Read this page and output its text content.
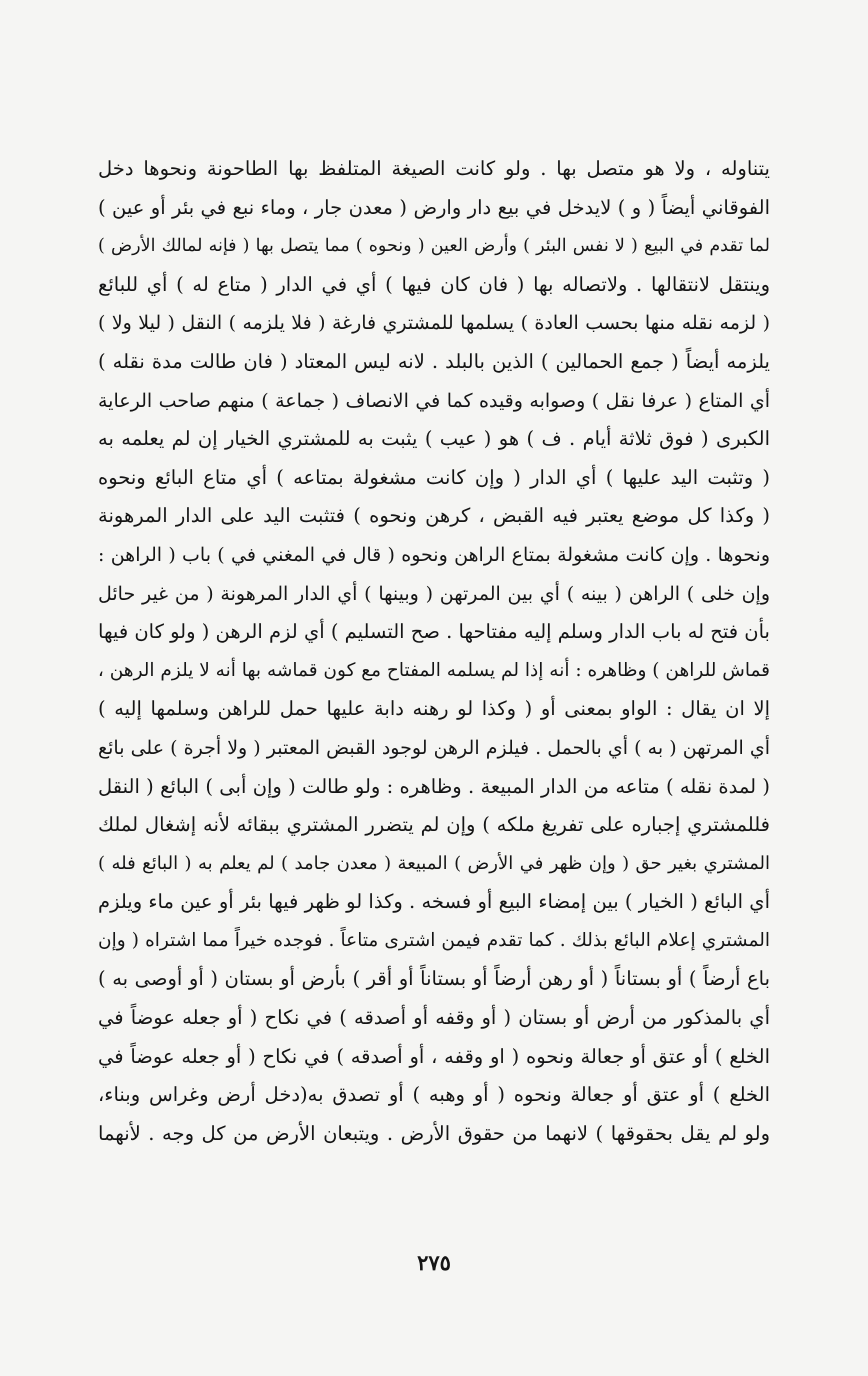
يتناوله ، ولا هو متصل بها . ولو كانت الصيغة المتلفظ بها الطاحونة ونحوها دخل
الفوقاني أيضاً ( و ) لايدخل في بيع دار وارض ( معدن جار ، وماء نبع في بئر أو عين )
لما تقدم في البيع ( لا نفس البئر ) وأرض العين ( ونحوه ) مما يتصل بها ( فإنه لمالك الأرض )
وينتقل لانتقالها . ولاتصاله بها ( فان كان فيها ) أي في الدار ( متاع له ) أي للبائع
( لزمه نقله منها بحسب العادة ) يسلمها للمشتري فارغة ( فلا يلزمه ) النقل ( ليلا ولا )
يلزمه أيضاً ( جمع الحمالين ) الذين بالبلد . لانه ليس المعتاد ( فان طالت مدة نقله )
أي المتاع ( عرفا نقل ) وصوابه وقيده كما في الانصاف ( جماعة ) منهم صاحب الرعاية
الكبرى ( فوق ثلاثة أيام . ف ) هو ( عيب ) يثبت به للمشتري الخيار إن لم يعلمه به
( وتثبت اليد عليها ) أي الدار ( وإن كانت مشغولة بمتاعه ) أي متاع البائع ونحوه
( وكذا كل موضع يعتبر فيه القبض ، كرهن ونحوه ) فتثبت اليد على الدار المرهونة
ونحوها . وإن كانت مشغولة بمتاع الراهن ونحوه ( قال في المغني في ) باب ( الراهن :
وإن خلى ) الراهن ( بينه ) أي بين المرتهن ( وبينها ) أي الدار المرهونة ( من غير حائل
بأن فتح له باب الدار وسلم إليه مفتاحها . صح التسليم ) أي لزم الرهن ( ولو كان فيها
قماش للراهن ) وظاهره : أنه إذا لم يسلمه المفتاح مع كون قماشه بها أنه لا يلزم الرهن ،
إلا ان يقال : الواو بمعنى أو ( وكذا لو رهنه دابة عليها حمل للراهن وسلمها إليه )
أي المرتهن ( به ) أي بالحمل . فيلزم الرهن لوجود القبض المعتبر ( ولا أجرة ) على بائع
( لمدة نقله ) متاعه من الدار المبيعة . وظاهره : ولو طالت ( وإن أبى ) البائع ( النقل
فللمشتري إجباره على تفريغ ملكه ) وإن لم يتضرر المشتري ببقائه لأنه إشغال لملك
المشتري بغير حق ( وإن ظهر في الأرض ) المبيعة ( معدن جامد ) لم يعلم به ( البائع فله )
أي البائع ( الخيار ) بين إمضاء البيع أو فسخه . وكذا لو ظهر فيها بئر أو عين ماء ويلزم
المشتري إعلام البائع بذلك . كما تقدم فيمن اشترى متاعاً . فوجده خيراً مما اشتراه ( وإن
باع أرضاً ) أو بستاناً ( أو رهن أرضاً أو بستاناً أو أقر ) بأرض أو بستان ( أو أوصى به )
أي بالمذكور من أرض أو بستان ( أو وقفه أو أصدقه ) في نكاح ( أو جعله عوضاً في
الخلع ) أو عتق أو جعالة ونحوه ( او وقفه ، أو أصدقه ) في نكاح ( أو جعله عوضاً في
الخلع ) أو عتق أو جعالة ونحوه ( أو وهبه ) أو تصدق به(دخل أرض وغراس وبناء،
ولو لم يقل بحقوقها ) لانهما من حقوق الأرض . ويتبعان الأرض من كل وجه . لأنهما
٢٧٥
